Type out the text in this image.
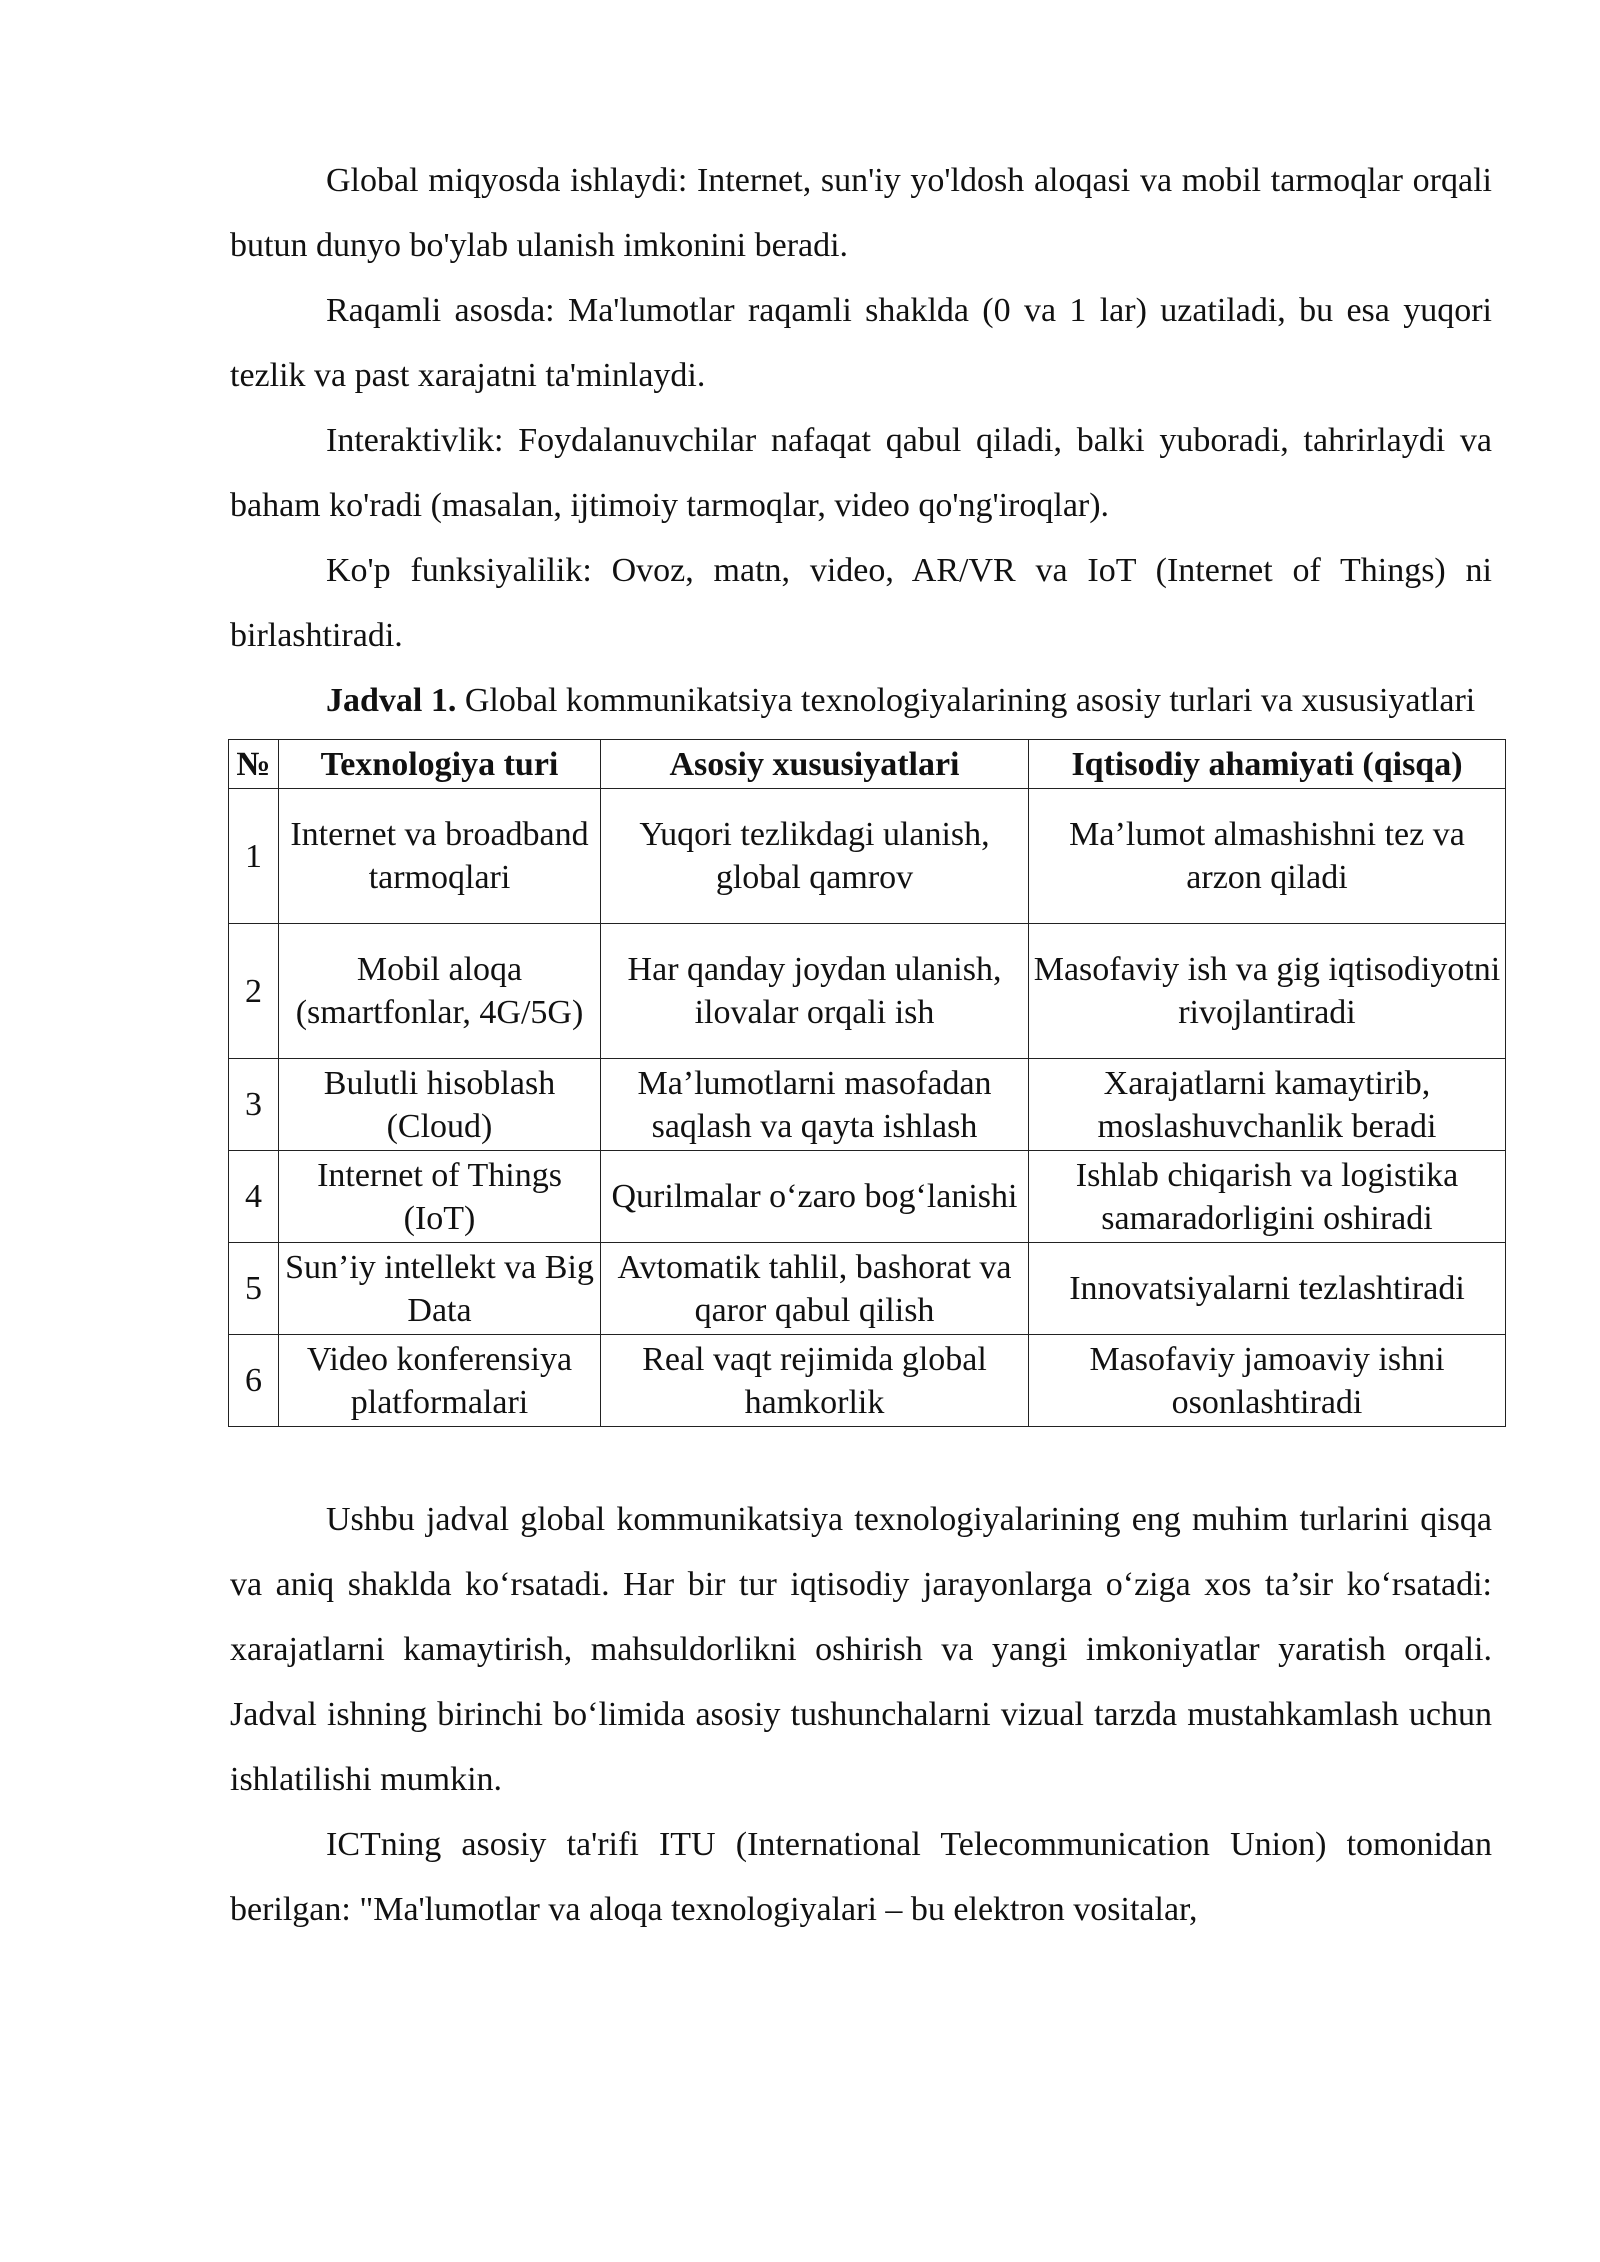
Global miqyosda ishlaydi: Internet, sun'iy yo'ldosh aloqasi va mobil tarmoqlar orqali butun dunyo bo'ylab ulanish imkonini beradi.

Raqamli asosda: Ma'lumotlar raqamli shaklda (0 va 1 lar) uzatiladi, bu esa yuqori tezlik va past xarajatni ta'minlaydi.

Interaktivlik: Foydalanuvchilar nafaqat qabul qiladi, balki yuboradi, tahrirlaydi va baham ko'radi (masalan, ijtimoiy tarmoqlar, video qo'ng'iroqlar).

Ko'p funksiyalilik: Ovoz, matn, video, AR/VR va IoT (Internet of Things) ni birlashtiradi.

Jadval 1. Global kommunikatsiya texnologiyalarining asosiy turlari va xususiyatlari

№	Texnologiya turi	Asosiy xususiyatlari	Iqtisodiy ahamiyati (qisqa)
1	Internet va broadband tarmoqlari	Yuqori tezlikdagi ulanish, global qamrov	Ma’lumot almashishni tez va arzon qiladi
2	Mobil aloqa (smartfonlar, 4G/5G)	Har qanday joydan ulanish, ilovalar orqali ish	Masofaviy ish va gig iqtisodiyotni rivojlantiradi
3	Bulutli hisoblash (Cloud)	Ma’lumotlarni masofadan saqlash va qayta ishlash	Xarajatlarni kamaytirib, moslashuvchanlik beradi
4	Internet of Things (IoT)	Qurilmalar o‘zaro bog‘lanishi	Ishlab chiqarish va logistika samaradorligini oshiradi
5	Sun’iy intellekt va Big Data	Avtomatik tahlil, bashorat va qaror qabul qilish	Innovatsiyalarni tezlashtiradi
6	Video konferensiya platformalari	Real vaqt rejimida global hamkorlik	Masofaviy jamoaviy ishni osonlashtiradi

Ushbu jadval global kommunikatsiya texnologiyalarining eng muhim turlarini qisqa va aniq shaklda ko‘rsatadi. Har bir tur iqtisodiy jarayonlarga o‘ziga xos ta’sir ko‘rsatadi: xarajatlarni kamaytirish, mahsuldorlikni oshirish va yangi imkoniyatlar yaratish orqali. Jadval ishning birinchi bo‘limida asosiy tushunchalarni vizual tarzda mustahkamlash uchun ishlatilishi mumkin.

ICTning asosiy ta'rifi ITU (International Telecommunication Union) tomonidan berilgan: "Ma'lumotlar va aloqa texnologiyalari – bu elektron vositalar,
